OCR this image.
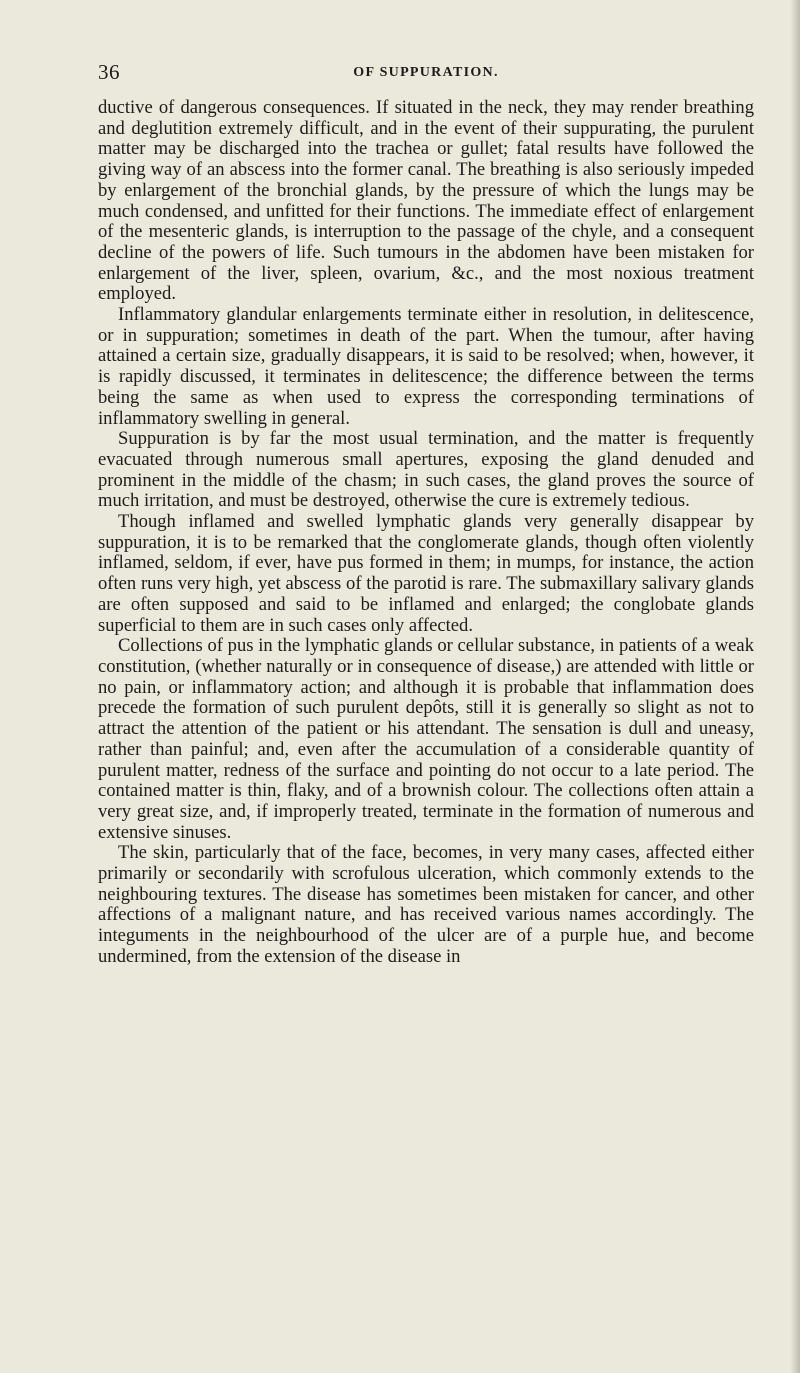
36	OF SUPPURATION.

ductive of dangerous consequences. If situated in the neck, they may render breathing and deglutition extremely difficult, and in the event of their suppurating, the purulent matter may be discharged into the trachea or gullet; fatal results have followed the giving way of an abscess into the former canal. The breathing is also seriously impeded by enlargement of the bronchial glands, by the pressure of which the lungs may be much condensed, and unfitted for their functions. The immediate effect of enlargement of the mesenteric glands, is interruption to the passage of the chyle, and a consequent decline of the powers of life. Such tumours in the abdomen have been mistaken for enlargement of the liver, spleen, ovarium, &c., and the most noxious treatment employed.

Inflammatory glandular enlargements terminate either in resolution, in delitescence, or in suppuration; sometimes in death of the part. When the tumour, after having attained a certain size, gradually disappears, it is said to be resolved; when, however, it is rapidly discussed, it terminates in delitescence; the difference between the terms being the same as when used to express the corresponding terminations of inflammatory swelling in general.

Suppuration is by far the most usual termination, and the matter is frequently evacuated through numerous small apertures, exposing the gland denuded and prominent in the middle of the chasm; in such cases, the gland proves the source of much irritation, and must be destroyed, otherwise the cure is extremely tedious.

Though inflamed and swelled lymphatic glands very generally disappear by suppuration, it is to be remarked that the conglomerate glands, though often violently inflamed, seldom, if ever, have pus formed in them; in mumps, for instance, the action often runs very high, yet abscess of the parotid is rare. The submaxillary salivary glands are often supposed and said to be inflamed and enlarged; the conglobate glands superficial to them are in such cases only affected.

Collections of pus in the lymphatic glands or cellular substance, in patients of a weak constitution, (whether naturally or in consequence of disease,) are attended with little or no pain, or inflammatory action; and although it is probable that inflammation does precede the formation of such purulent depôts, still it is generally so slight as not to attract the attention of the patient or his attendant. The sensation is dull and uneasy, rather than painful; and, even after the accumulation of a considerable quantity of purulent matter, redness of the surface and pointing do not occur to a late period. The contained matter is thin, flaky, and of a brownish colour. The collections often attain a very great size, and, if improperly treated, terminate in the formation of numerous and extensive sinuses.

The skin, particularly that of the face, becomes, in very many cases, affected either primarily or secondarily with scrofulous ulceration, which commonly extends to the neighbouring textures. The disease has sometimes been mistaken for cancer, and other affections of a malignant nature, and has received various names accordingly. The integuments in the neighbourhood of the ulcer are of a purple hue, and become undermined, from the extension of the disease in
